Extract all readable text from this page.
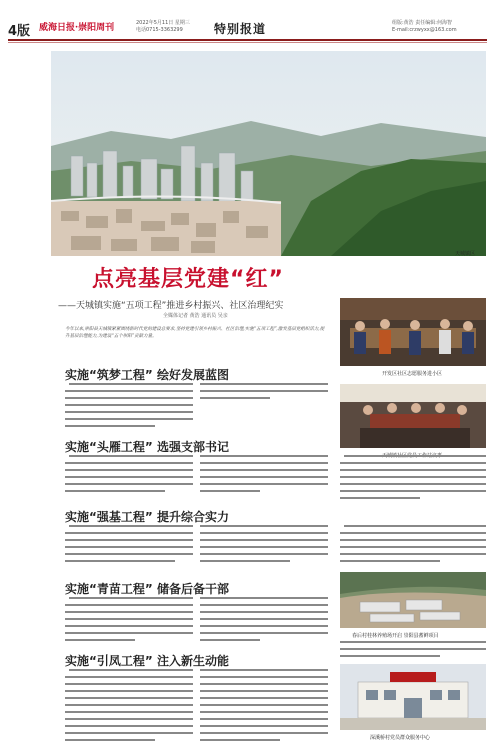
4版 威海日报·崇阳周刊	2022年5月11日 星期三
电话0715-3363299	特别报道	组版:黄浩 责任编辑:何海智
E-mail:crzwyxx@163.com
天城镇区
点亮基层党建“红”
——天城镇实施“五项工程”推进乡村振兴、社区治理纪实
全媒体记者 黄浩 通讯员 吴亲
今年以来,崇阳县天城镇紧紧围绕新时代党的建设总要求,坚持党建引领乡村振兴、社区治理,实施“五项工程”,激发基层党组织活力,提升基层治理能力,为建设“五个崇阳”贡献力量。
开发区社区志愿服务进小区
实施“筑梦工程” 绘好发展蓝图
实施“头雁工程” 选强支部书记
实施“强基工程” 提升综合实力
实施“青苗工程” 储备后备干部
春后村桂林养殖场开启 崇阳县蓄鲜项目
实施“引凤工程” 注入新生动能
深溪桥村党员群众服务中心
